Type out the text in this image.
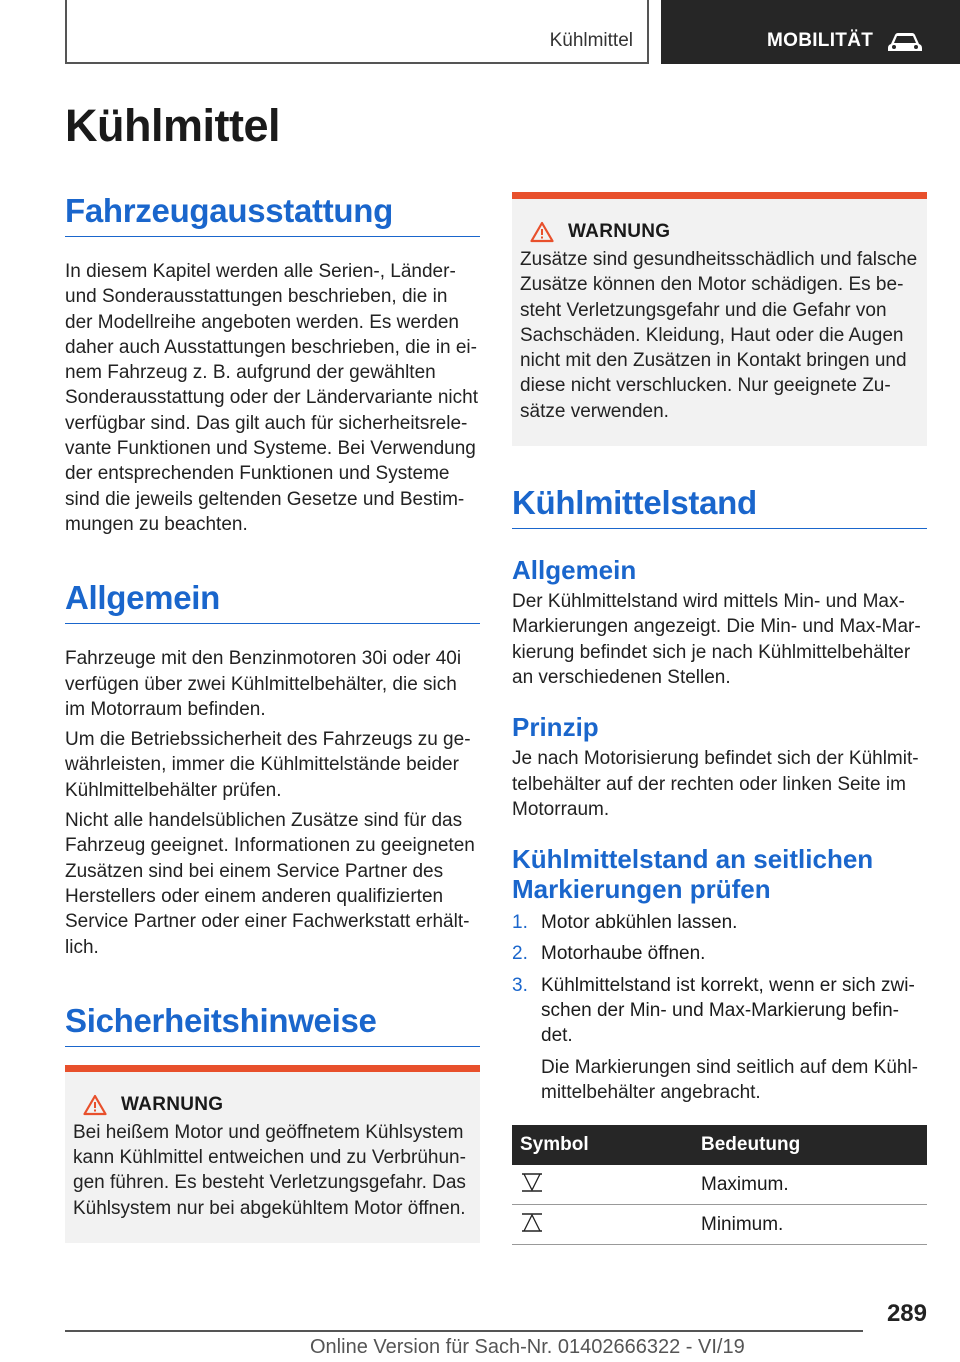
Kühlmittel	MOBILITÄT
Kühlmittel
Fahrzeugausstattung

In diesem Kapitel werden alle Serien-, Länder- und Sonderausstattungen beschrieben, die in der Modellreihe angeboten werden. Es werden daher auch Ausstattungen beschrieben, die in ei- nem Fahrzeug z. B. aufgrund der gewählten Sonderausstattung oder der Ländervariante nicht verfügbar sind. Das gilt auch für sicherheitsrele- vante Funktionen und Systeme. Bei Verwendung der entsprechenden Funktionen und Systeme sind die jeweils geltenden Gesetze und Bestim- mungen zu beachten.

Allgemein

Fahrzeuge mit den Benzinmotoren 30i oder 40i verfügen über zwei Kühlmittelbehälter, die sich im Motorraum befinden.

Um die Betriebssicherheit des Fahrzeugs zu ge- währleisten, immer die Kühlmittelstände beider Kühlmittelbehälter prüfen.

Nicht alle handelsüblichen Zusätze sind für das Fahrzeug geeignet. Informationen zu geeigneten Zusätzen sind bei einem Service Partner des Herstellers oder einem anderen qualifizierten Service Partner oder einer Fachwerkstatt erhält- lich.

Sicherheitshinweise
WARNUNG

Bei heißem Motor und geöffnetem Kühlsystem kann Kühlmittel entweichen und zu Verbrühun- gen führen. Es besteht Verletzungsgefahr. Das Kühlsystem nur bei abgekühltem Motor öffnen.

WARNUNG

Zusätze sind gesundheitsschädlich und falsche Zusätze können den Motor schädigen. Es be- steht Verletzungsgefahr und die Gefahr von Sachschäden. Kleidung, Haut oder die Augen nicht mit den Zusätzen in Kontakt bringen und diese nicht verschlucken. Nur geeignete Zu- sätze verwenden.

Kühlmittelstand
Allgemein

Der Kühlmittelstand wird mittels Min- und Max- Markierungen angezeigt. Die Min- und Max-Mar- kierung befindet sich je nach Kühlmittelbehälter an verschiedenen Stellen.

Prinzip

Je nach Motorisierung befindet sich der Kühlmit- telbehälter auf der rechten oder linken Seite im Motorraum.

Kühlmittelstand an seitlichen Markierungen prüfen
1. Motor abkühlen lassen.
2. Motorhaube öffnen.
3. Kühlmittelstand ist korrekt, wenn er sich zwi- schen der Min- und Max-Markierung befin- det.

Die Markierungen sind seitlich auf dem Kühl- mittelbehälter angebracht.

Symbol	Bedeutung
	Maximum.
	Minimum.
289
Online Version für Sach-Nr. 01402666322 - VI/19
